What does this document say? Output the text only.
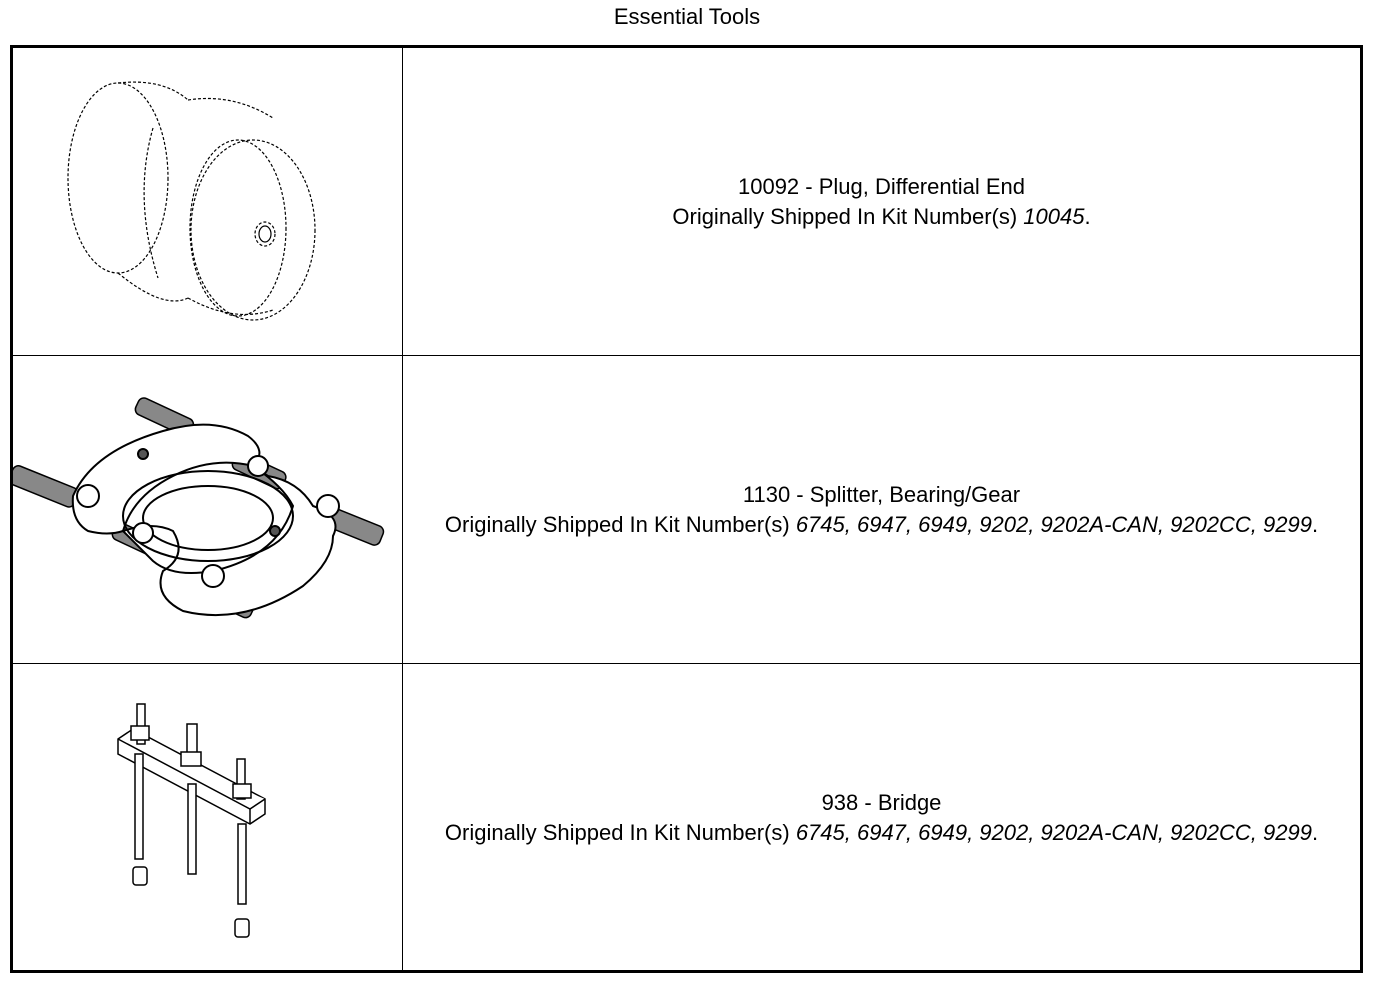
Essential Tools
10092 - Plug, Differential End
Originally Shipped In Kit Number(s) 10045.
1130 - Splitter, Bearing/Gear
Originally Shipped In Kit Number(s) 6745, 6947, 6949, 9202, 9202A-CAN, 9202CC, 9299.
938 - Bridge
Originally Shipped In Kit Number(s) 6745, 6947, 6949, 9202, 9202A-CAN, 9202CC, 9299.
